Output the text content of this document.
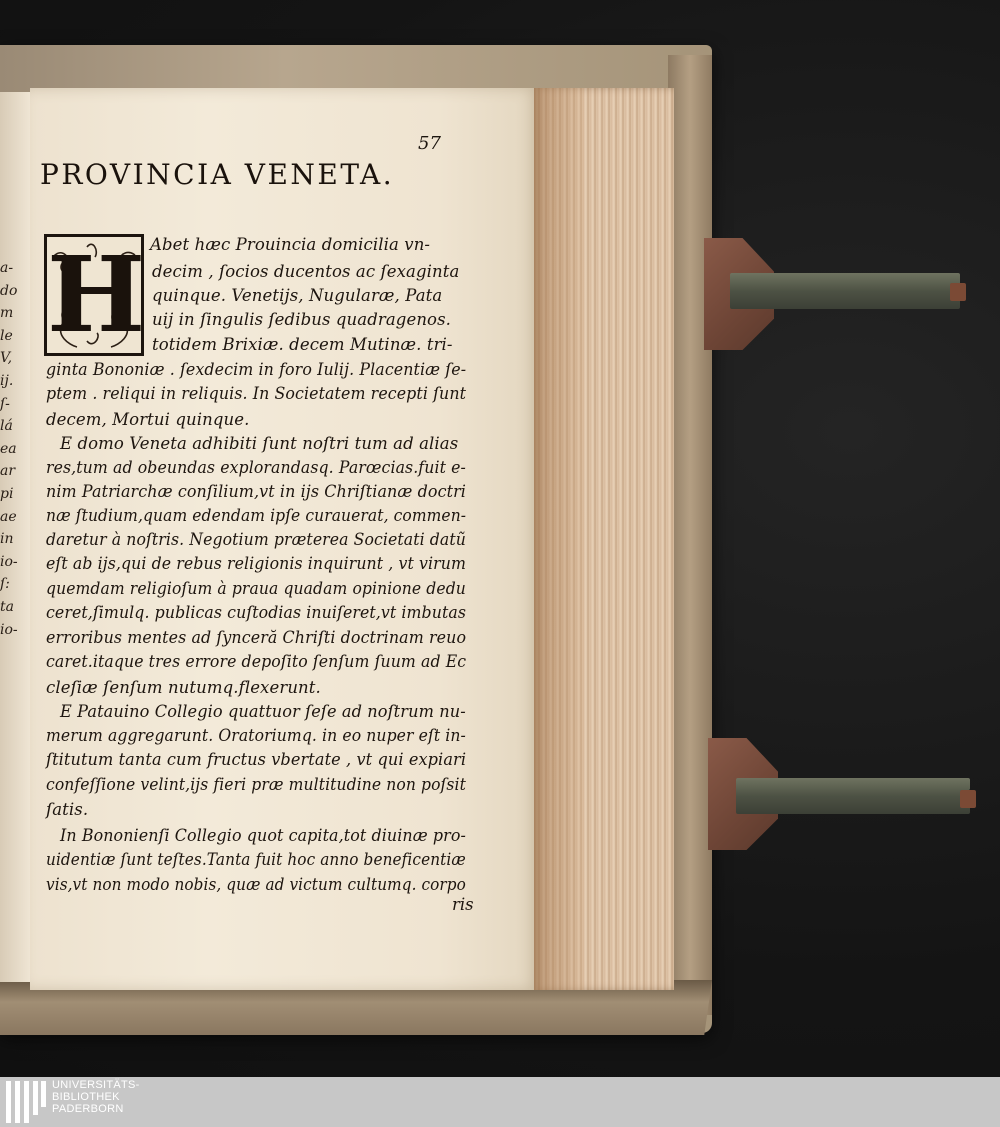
a-
do
m
le
V,
ij.
ſ-
lá
ea
ar
pi
ae
in
io-
ſ:
ta
io-
57
PROVINCIA VENETA.
H Abet hæc Prouincia domicilia vn-
decim , ſocios ducentos ac ſexaginta
quinque. Venetijs, Nugularæ, Pata
uij in ſingulis ſedibus quadragenos.
totidem Brixiæ. decem Mutinæ. tri-
ginta Bononiæ . ſexdecim in foro Iulij. Placentiæ ſe-
ptem . reliqui in reliquis. In Societatem recepti ſunt
decem, Mortui quinque.
E domo Veneta adhibiti ſunt noſtri tum ad alias
res,tum ad obeundas explorandasq. Parœcias.fuit e-
nim Patriarchæ conſilium,vt in ijs Chriſtianæ doctri
næ ſtudium,quam edendam ipſe curauerat, commen-
daretur à noſtris. Negotium præterea Societati datũ
eſt ab ijs,qui de rebus religionis inquirunt , vt virum
quemdam religioſum à praua quadam opinione dedu
ceret,ſimulq. publicas cuſtodias inuiſeret,vt imbutas
erroribus mentes ad ſynceră Chriſti doctrinam reuo
caret.itaque tres errore depoſito ſenſum ſuum ad Ec
cleſiæ ſenſum nutumq.flexerunt.
E Patauino Collegio quattuor ſeſe ad noſtrum nu-
merum aggregarunt. Oratoriumq. in eo nuper eſt in-
ſtitutum tanta cum fructus vbertate , vt qui expiari
confeſſione velint,ijs fieri præ multitudine non poſsit
ſatis.
In Bononienſi Collegio quot capita,tot diuinæ pro-
uidentiæ ſunt teſtes.Tanta fuit hoc anno beneficentiæ
vis,vt non modo nobis, quæ ad victum cultumq. corpo
ris
UNIVERSITÄTS-
BIBLIOTHEK
PADERBORN
